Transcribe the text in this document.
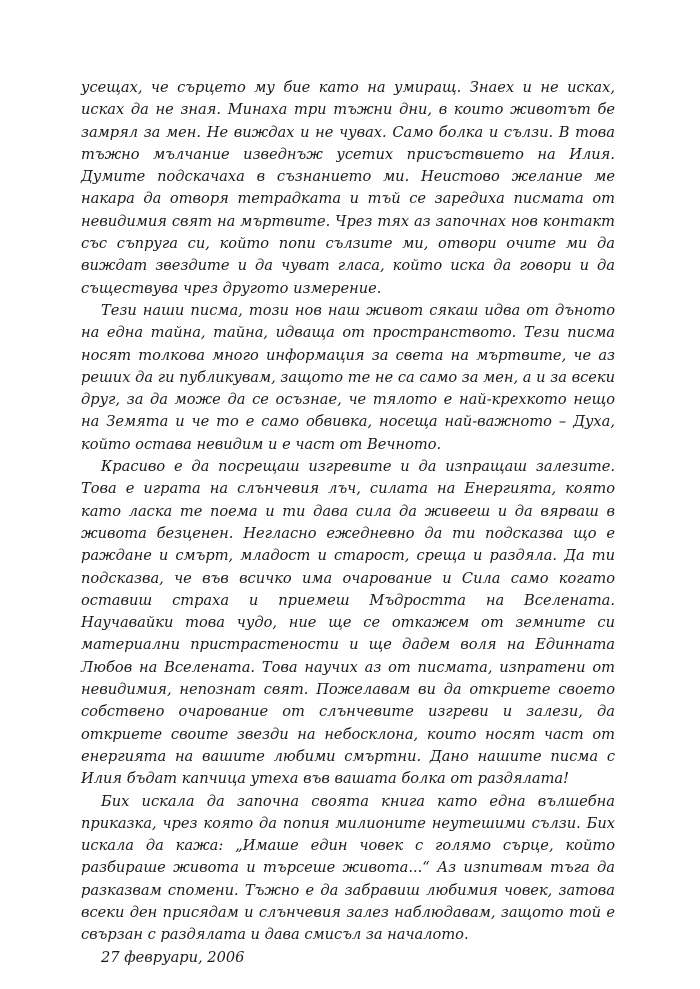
усещах, че сърцето му бие като на умиращ. Знаех и не исках, исках да не зная. Минаха три тъжни дни, в които животът бе замрял за мен. Не виждах и не чувах. Само болка и сълзи. В това тъжно мълчание изведнъж усетих присъствието на Илия. Думите подскачаха в съзнанието ми. Неистово желание ме накара да отворя тетрадката и тъй се заредиха писмата от невидимия свят на мъртвите. Чрез тях аз започнах нов контакт със съпруга си, който попи сълзите ми, отвори очите ми да виждат звездите и да чуват гласа, който иска да говори и да съществува чрез другото измерение.

Тези наши писма, този нов наш живот сякаш идва от дъното на една тайна, тайна, идваща от пространството. Тези писма носят толкова много информация за света на мъртвите, че аз реших да ги публикувам, защото те не са само за мен, а и за всеки друг, за да може да се осъзнае, че тялото е най-крехкото нещо на Земята и че то е само обвивка, носеща най-важното – Духа, който остава невидим и е част от Вечното.

Красиво е да посрещаш изгревите и да изпращаш залезите. Това е играта на слънчевия лъч, силата на Енергията, която като ласка те поема и ти дава сила да живееш и да вярваш в живота безценен. Негласно ежедневно да ти подсказва що е раждане и смърт, младост и старост, среща и раздяла. Да ти подсказва, че във всичко има очарование и Сила само когато оставиш страха и приемеш Мъдростта на Вселената. Научавайки това чудо, ние ще се откажем от земните си материални пристрастености и ще дадем воля на Единната Любов на Вселената. Това научих аз от писмата, изпратени от невидимия, непознат свят. Пожелавам ви да откриете своето собствено очарование от слънчевите изгреви и залези, да откриете своите звезди на небосклона, които носят част от енергията на вашите любими смъртни. Дано нашите писма с Илия бъдат капчица утеха във вашата болка от раздялата!

Бих искала да започна своята книга като една вълшебна приказка, чрез която да попия милионите неутешими сълзи. Бих искала да кажа: „Имаше един човек с голямо сърце, който разбираше живота и търсеше живота...“ Аз изпитвам тъга да разказвам спомени. Тъжно е да забравиш любимия човек, затова всеки ден присядам и слънчевия залез наблюдавам, защото той е свързан с раздялата и дава смисъл за началото.

27 февруари, 2006
